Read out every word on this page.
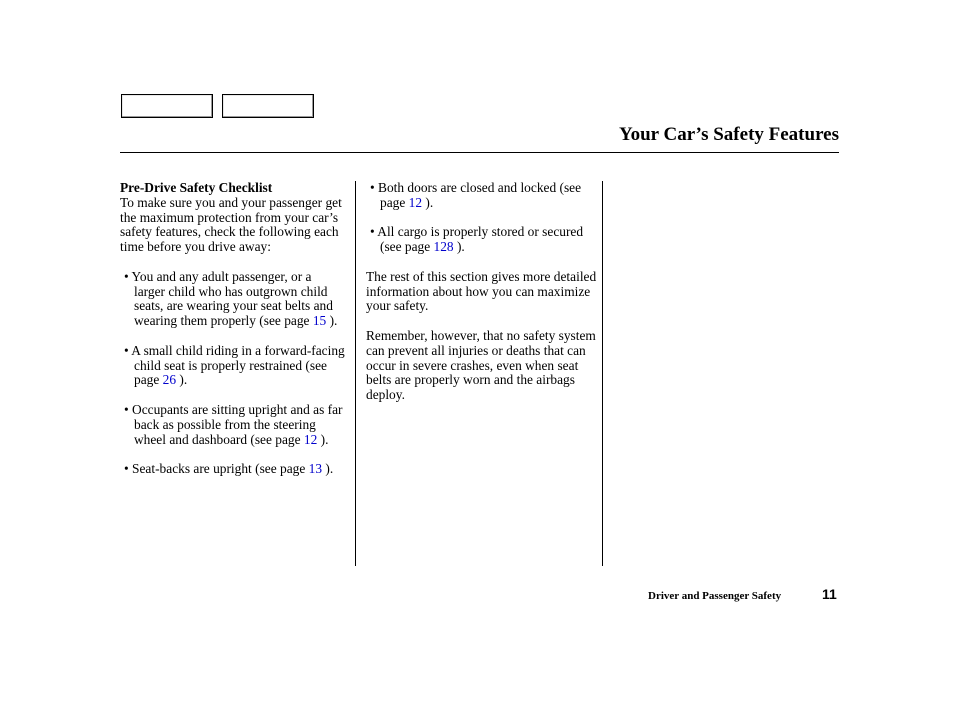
Your Car’s Safety Features

Pre-Drive Safety Checklist

To make sure you and your passenger get the maximum protection from your car’s safety features, check the following each time before you drive away:

• You and any adult passenger, or a larger child who has outgrown child seats, are wearing your seat belts and wearing them properly (see page 15 ).

• A small child riding in a forward-facing child seat is properly restrained (see page 26 ).

• Occupants are sitting upright and as far back as possible from the steering wheel and dashboard (see page 12 ).

• Seat-backs are upright (see page 13 ).

• Both doors are closed and locked (see page 12 ).

• All cargo is properly stored or secured (see page 128 ).

The rest of this section gives more detailed information about how you can maximize your safety.

Remember, however, that no safety system can prevent all injuries or deaths that can occur in severe crashes, even when seat belts are properly worn and the airbags deploy.

Driver and Passenger Safety	11
